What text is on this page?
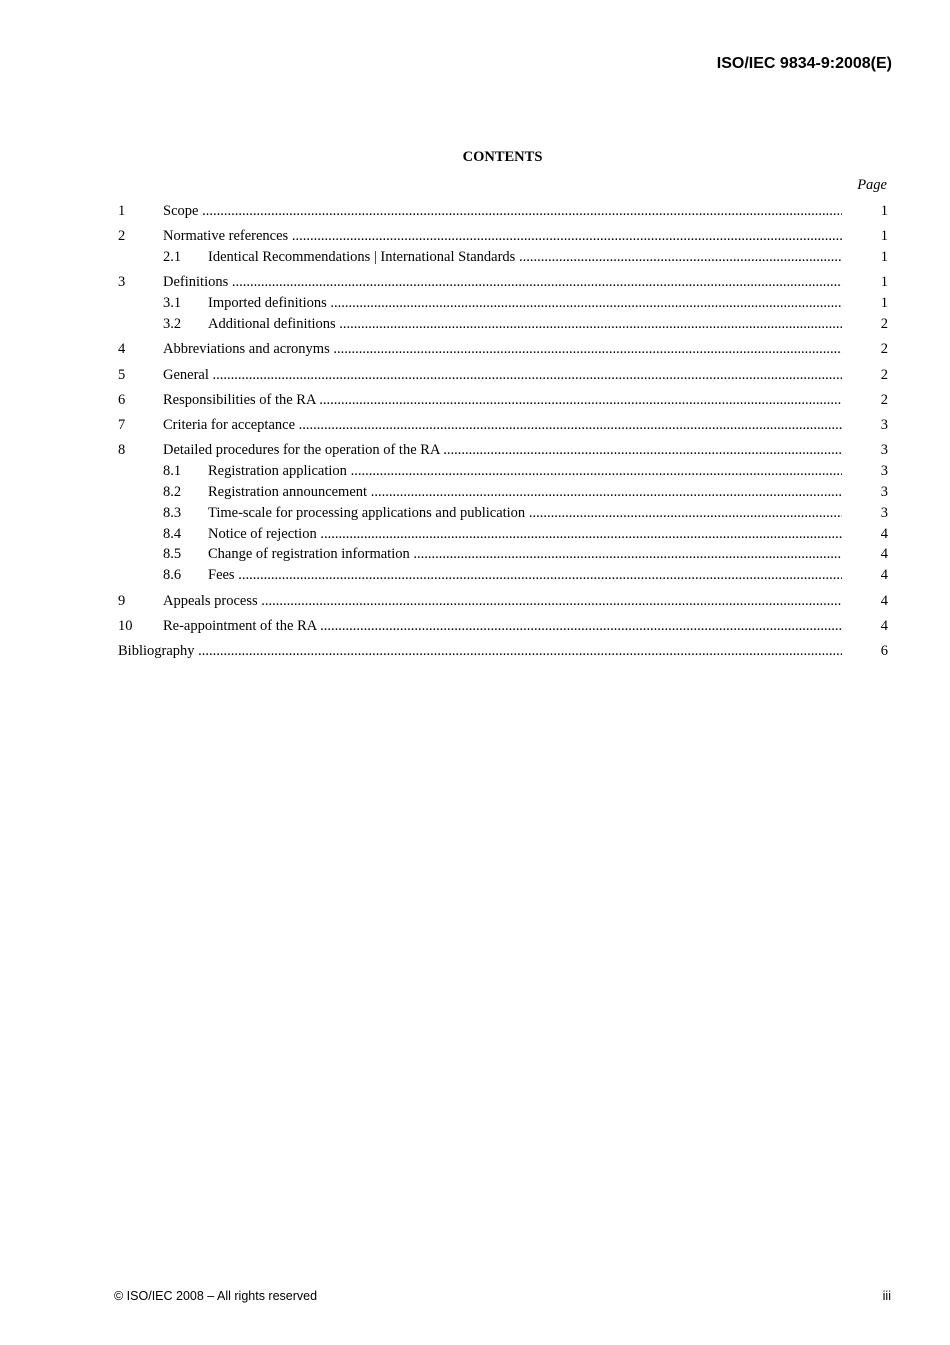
ISO/IEC 9834-9:2008(E)
CONTENTS
Page
1	Scope .....	1
2	Normative references .....	1
2.1 Identical Recommendations | International Standards .....	1
3	Definitions .....	1
3.1 Imported definitions .....	1
3.2 Additional definitions .....	2
4	Abbreviations and acronyms .....	2
5	General .....	2
6	Responsibilities of the RA .....	2
7	Criteria for acceptance .....	3
8	Detailed procedures for the operation of the RA .....	3
8.1 Registration application .....	3
8.2 Registration announcement .....	3
8.3 Time-scale for processing applications and publication .....	3
8.4 Notice of rejection .....	4
8.5 Change of registration information .....	4
8.6 Fees .....	4
9	Appeals process .....	4
10 Re-appointment of the RA .....	4
Bibliography .....	6
© ISO/IEC 2008 – All rights reserved	iii
